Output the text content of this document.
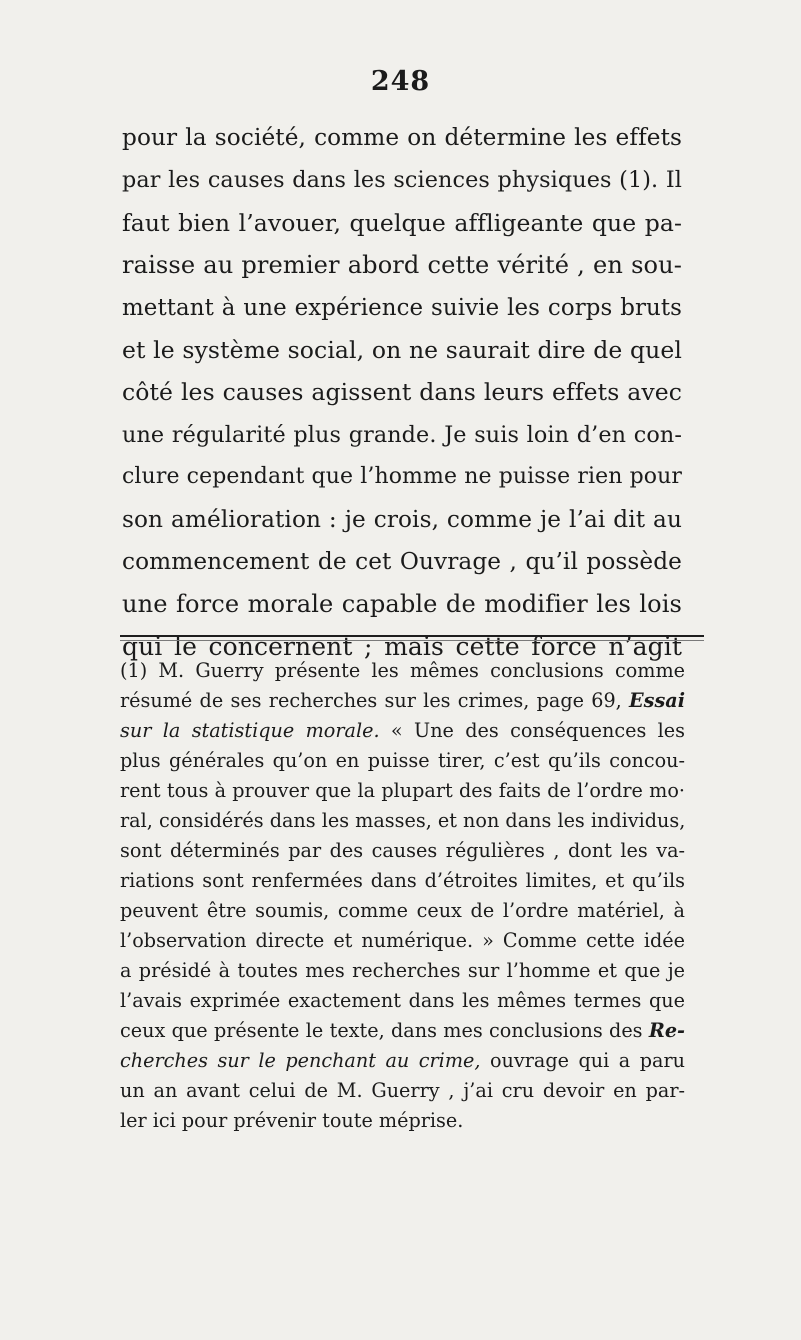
248
pour la société, comme on détermine les effets
par les causes dans les sciences physiques (1). Il
faut bien l’avouer, quelque affligeante que pa-
raisse au premier abord cette vérité , en sou-
mettant à une expérience suivie les corps bruts
et le système social, on ne saurait dire de quel
côté les causes agissent dans leurs effets avec
une régularité plus grande. Je suis loin d’en con-
clure cependant que l’homme ne puisse rien pour
son amélioration : je crois, comme je l’ai dit au
commencement de cet Ouvrage , qu’il possède
une force morale capable de modifier les lois
qui le concernent ; mais cette force n’agit
(1) M. Guerry présente les mêmes conclusions comme
résumé de ses recherches sur les crimes, page 69, Essai
sur la statistique morale. « Une des conséquences les
plus générales qu’on en puisse tirer, c’est qu’ils concou-
rent tous à prouver que la plupart des faits de l’ordre mo·
ral, considérés dans les masses, et non dans les individus,
sont déterminés par des causes régulières , dont les va-
riations sont renfermées dans d’étroites limites, et qu’ils
peuvent être soumis, comme ceux de l’ordre matériel, à
l’observation directe et numérique. » Comme cette idée
a présidé à toutes mes recherches sur l’homme et que je
l’avais exprimée exactement dans les mêmes termes que
ceux que présente le texte, dans mes conclusions des Re-
cherches sur le penchant au crime, ouvrage qui a paru
un an avant celui de M. Guerry , j’ai cru devoir en par-
ler ici pour prévenir toute méprise.
